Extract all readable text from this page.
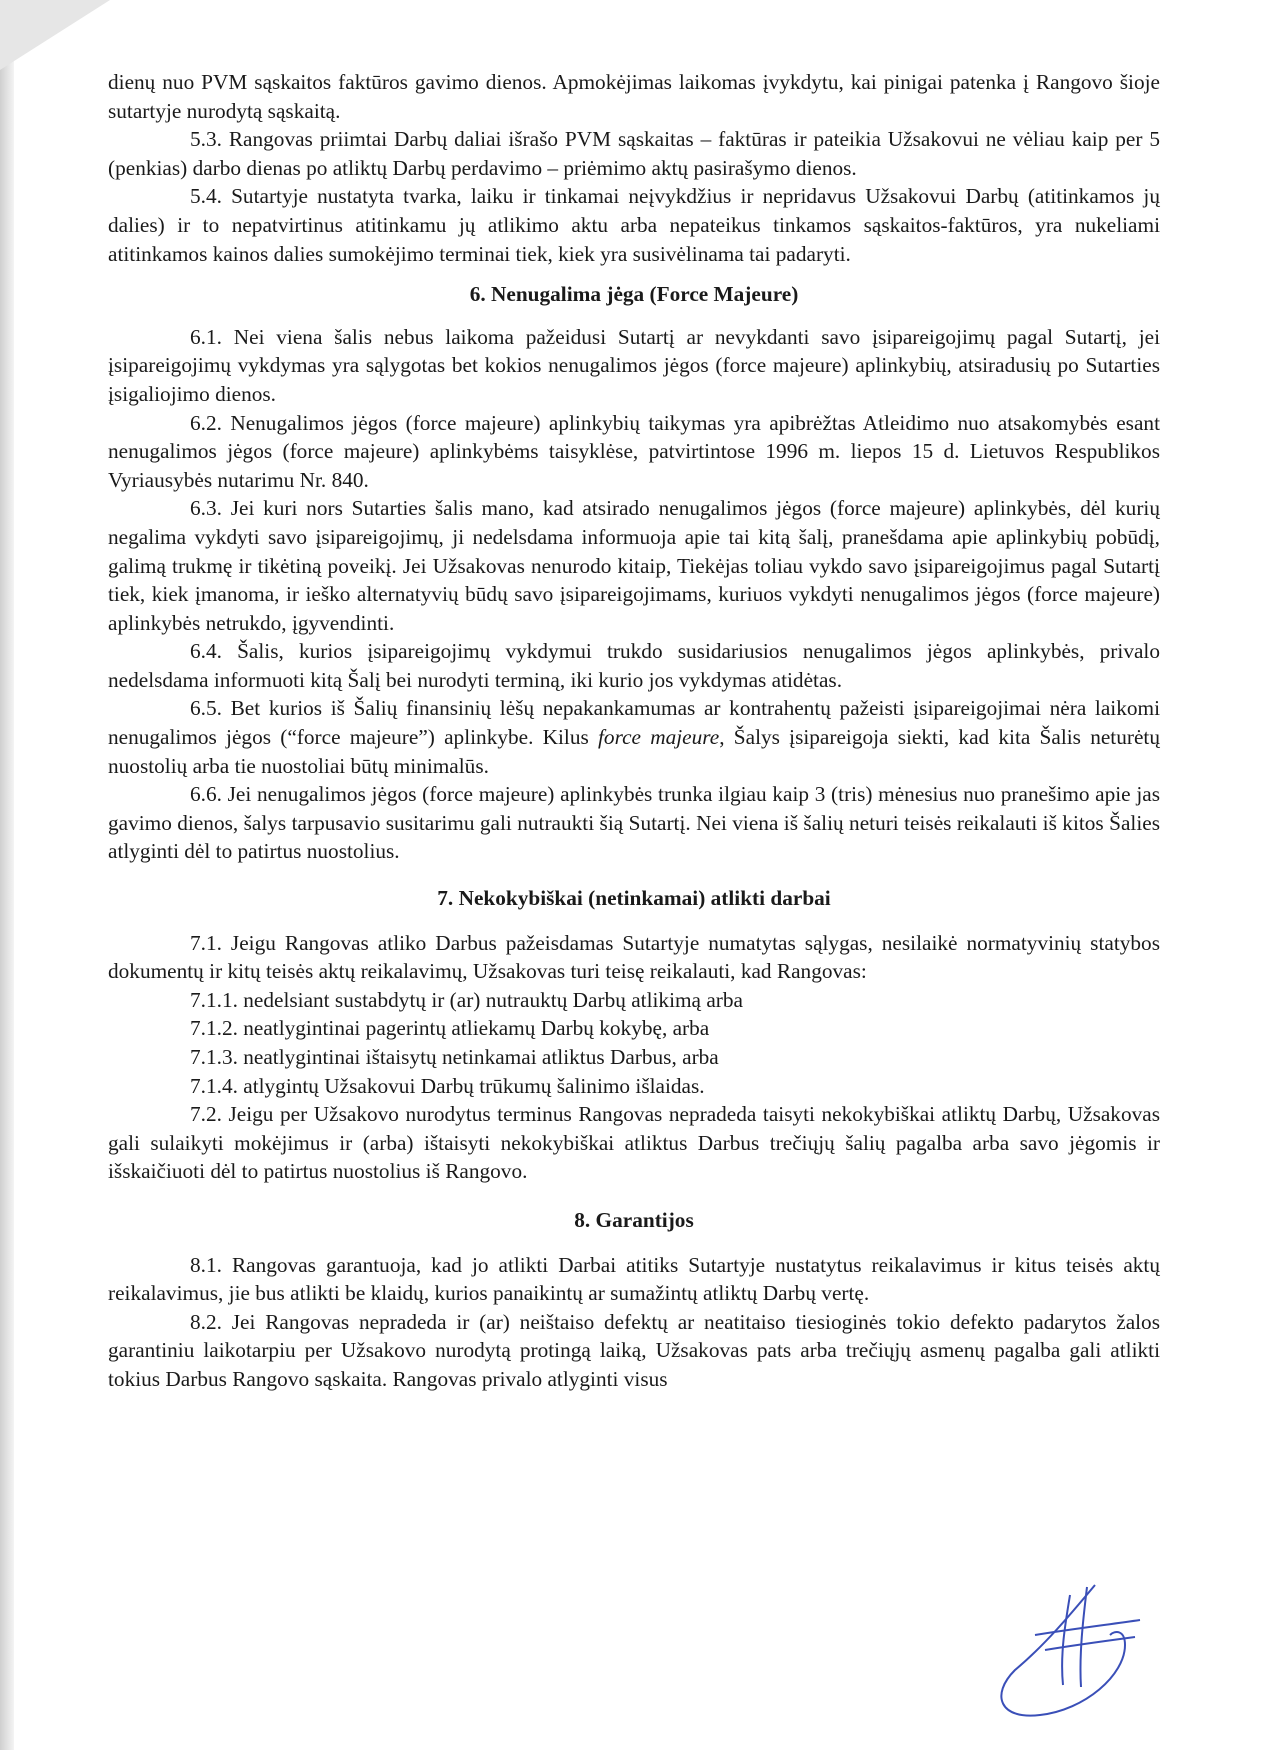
dienų nuo PVM sąskaitos faktūros gavimo dienos. Apmokėjimas laikomas įvykdytu, kai pinigai patenka į Rangovo šioje sutartyje nurodytą sąskaitą.

5.3. Rangovas priimtai Darbų daliai išrašo PVM sąskaitas – faktūras ir pateikia Užsakovui ne vėliau kaip per 5 (penkias) darbo dienas po atliktų Darbų perdavimo – priėmimo aktų pasirašymo dienos.

5.4. Sutartyje nustatyta tvarka, laiku ir tinkamai neįvykdžius ir nepridavus Užsakovui Darbų (atitinkamos jų dalies) ir to nepatvirtinus atitinkamu jų atlikimo aktu arba nepateikus tinkamos sąskaitos-faktūros, yra nukeliami atitinkamos kainos dalies sumokėjimo terminai tiek, kiek yra susivėlinama tai padaryti.

6. Nenugalima jėga (Force Majeure)

6.1. Nei viena šalis nebus laikoma pažeidusi Sutartį ar nevykdanti savo įsipareigojimų pagal Sutartį, jei įsipareigojimų vykdymas yra sąlygotas bet kokios nenugalimos jėgos (force majeure) aplinkybių, atsiradusių po Sutarties įsigaliojimo dienos.

6.2. Nenugalimos jėgos (force majeure) aplinkybių taikymas yra apibrėžtas Atleidimo nuo atsakomybės esant nenugalimos jėgos (force majeure) aplinkybėms taisyklėse, patvirtintose 1996 m. liepos 15 d. Lietuvos Respublikos Vyriausybės nutarimu Nr. 840.

6.3. Jei kuri nors Sutarties šalis mano, kad atsirado nenugalimos jėgos (force majeure) aplinkybės, dėl kurių negalima vykdyti savo įsipareigojimų, ji nedelsdama informuoja apie tai kitą šalį, pranešdama apie aplinkybių pobūdį, galimą trukmę ir tikėtiną poveikį. Jei Užsakovas nenurodo kitaip, Tiekėjas toliau vykdo savo įsipareigojimus pagal Sutartį tiek, kiek įmanoma, ir ieško alternatyvių būdų savo įsipareigojimams, kuriuos vykdyti nenugalimos jėgos (force majeure) aplinkybės netrukdo, įgyvendinti.

6.4. Šalis, kurios įsipareigojimų vykdymui trukdo susidariusios nenugalimos jėgos aplinkybės, privalo nedelsdama informuoti kitą Šalį bei nurodyti terminą, iki kurio jos vykdymas atidėtas.

6.5. Bet kurios iš Šalių finansinių lėšų nepakankamumas ar kontrahentų pažeisti įsipareigojimai nėra laikomi nenugalimos jėgos (“force majeure”) aplinkybe. Kilus force majeure, Šalys įsipareigoja siekti, kad kita Šalis neturėtų nuostolių arba tie nuostoliai būtų minimalūs.

6.6. Jei nenugalimos jėgos (force majeure) aplinkybės trunka ilgiau kaip 3 (tris) mėnesius nuo pranešimo apie jas gavimo dienos, šalys tarpusavio susitarimu gali nutraukti šią Sutartį. Nei viena iš šalių neturi teisės reikalauti iš kitos Šalies atlyginti dėl to patirtus nuostolius.

7. Nekokybiškai (netinkamai) atlikti darbai

7.1. Jeigu Rangovas atliko Darbus pažeisdamas Sutartyje numatytas sąlygas, nesilaikė normatyvinių statybos dokumentų ir kitų teisės aktų reikalavimų, Užsakovas turi teisę reikalauti, kad Rangovas:

7.1.1. nedelsiant sustabdytų ir (ar) nutrauktų Darbų atlikimą arba

7.1.2. neatlygintinai pagerintų atliekamų Darbų kokybę, arba

7.1.3. neatlygintinai ištaisytų netinkamai atliktus Darbus, arba

7.1.4. atlygintų Užsakovui Darbų trūkumų šalinimo išlaidas.

7.2. Jeigu per Užsakovo nurodytus terminus Rangovas nepradeda taisyti nekokybiškai atliktų Darbų, Užsakovas gali sulaikyti mokėjimus ir (arba) ištaisyti nekokybiškai atliktus Darbus trečiųjų šalių pagalba arba savo jėgomis ir išskaičiuoti dėl to patirtus nuostolius iš Rangovo.

8. Garantijos

8.1. Rangovas garantuoja, kad jo atlikti Darbai atitiks Sutartyje nustatytus reikalavimus ir kitus teisės aktų reikalavimus, jie bus atlikti be klaidų, kurios panaikintų ar sumažintų atliktų Darbų vertę.

8.2. Jei Rangovas nepradeda ir (ar) neištaiso defektų ar neatitaiso tiesioginės tokio defekto padarytos žalos garantiniu laikotarpiu per Užsakovo nurodytą protingą laiką, Užsakovas pats arba trečiųjų asmenų pagalba gali atlikti tokius Darbus Rangovo sąskaita. Rangovas privalo atlyginti visus
